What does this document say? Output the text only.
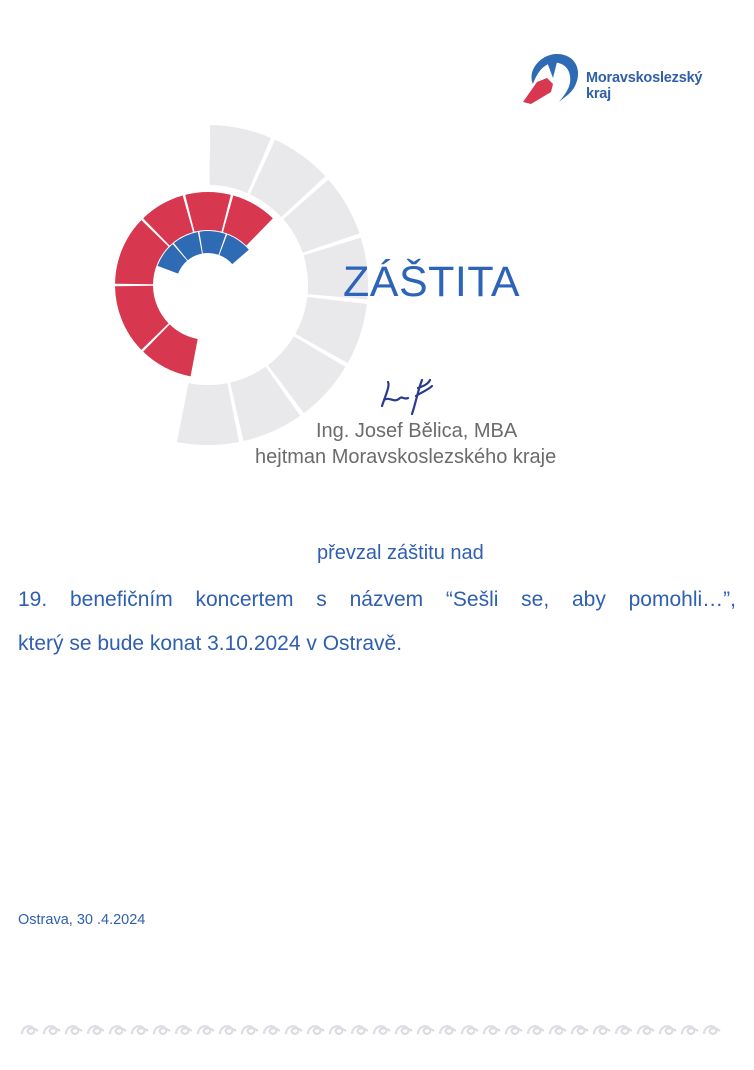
Moravskoslezský
kraj
ZÁŠTITA
Ing. Josef Bělica, MBA
hejtman Moravskoslezského kraje
převzal záštitu nad
19. benefičním koncertem s názvem “Sešli se, aby pomohli…”,
který se bude konat 3.10.2024 v Ostravě.
Ostrava, 30 .4.2024
